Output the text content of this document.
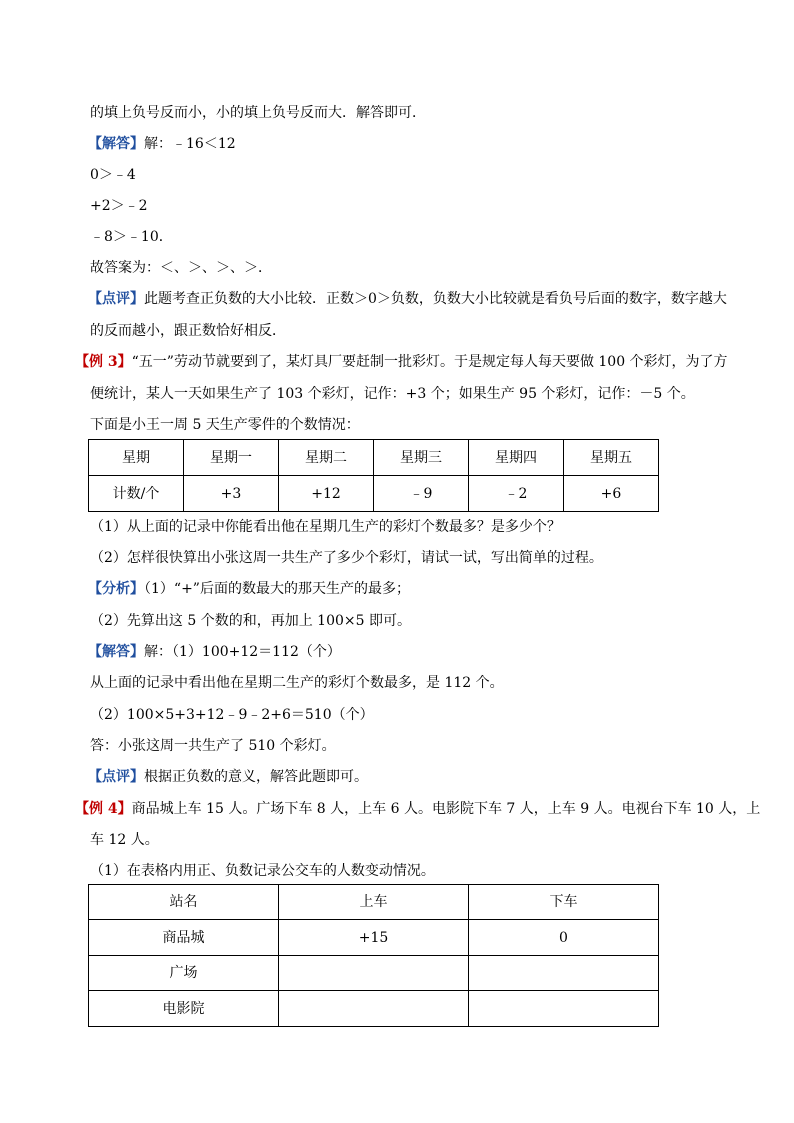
的填上负号反而小，小的填上负号反而大．解答即可．
【解答】解：﹣16＜12
0＞﹣4
+2＞﹣2
﹣8＞﹣10．
故答案为：＜、＞、＞、＞．
【点评】此题考查正负数的大小比较．正数＞0＞负数，负数大小比较就是看负号后面的数字，数字越大
的反而越小，跟正数恰好相反．
【例 3】“五一”劳动节就要到了，某灯具厂要赶制一批彩灯。于是规定每人每天要做 100 个彩灯，为了方
便统计，某人一天如果生产了 103 个彩灯，记作：+3 个；如果生产 95 个彩灯，记作：－5 个。
下面是小王一周 5 天生产零件的个数情况：
星期	星期一	星期二	星期三	星期四	星期五
计数/个	+3	+12	﹣9	﹣2	+6
（1）从上面的记录中你能看出他在星期几生产的彩灯个数最多？是多少个？
（2）怎样很快算出小张这周一共生产了多少个彩灯，请试一试，写出简单的过程。
【分析】（1）“+”后面的数最大的那天生产的最多；
（2）先算出这 5 个数的和，再加上 100×5 即可。
【解答】解：（1）100+12＝112（个）
从上面的记录中看出他在星期二生产的彩灯个数最多，是 112 个。
（2）100×5+3+12﹣9﹣2+6＝510（个）
答：小张这周一共生产了 510 个彩灯。
【点评】根据正负数的意义，解答此题即可。
【例 4】商品城上车 15 人。广场下车 8 人，上车 6 人。电影院下车 7 人，上车 9 人。电视台下车 10 人，上
车 12 人。
（1）在表格内用正、负数记录公交车的人数变动情况。
站名	上车	下车
商品城	+15	0
广场		
电影院		
